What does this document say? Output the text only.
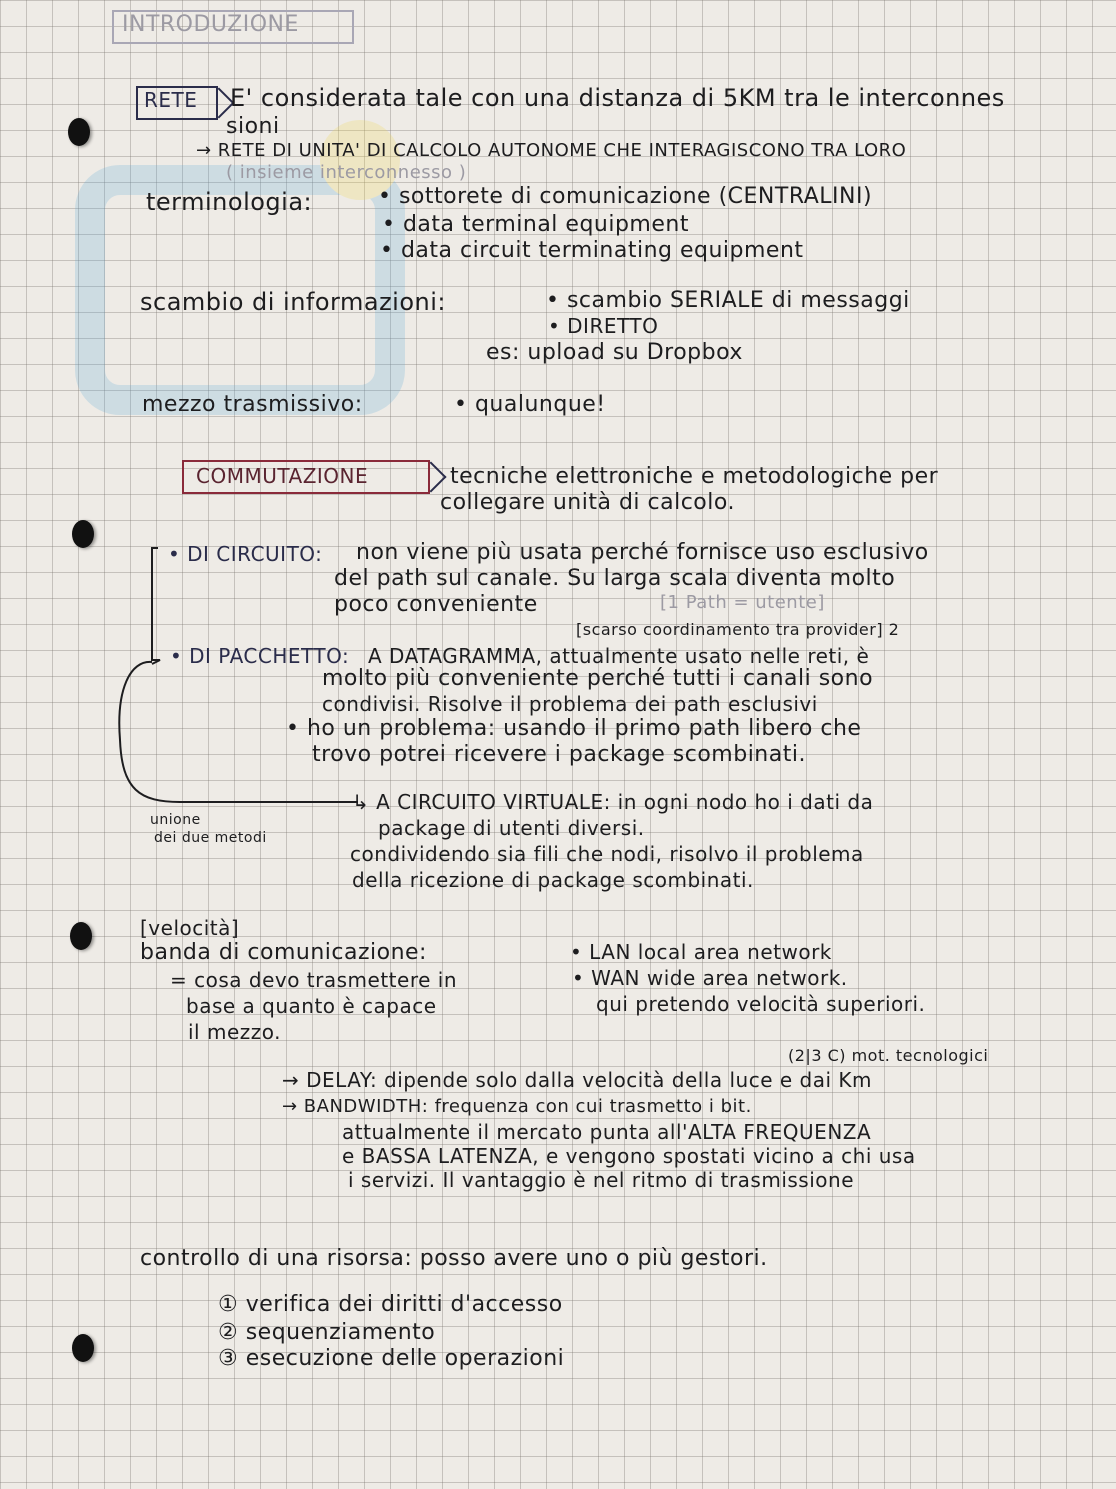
INTRODUZIONE
RETE E' considerata tale con una distanza di 5KM tra le interconnes
sioni
→ RETE DI UNITA' DI CALCOLO AUTONOME CHE INTERAGISCONO TRA LORO
( insieme interconnesso )
terminologia:	• sottorete di comunicazione (CENTRALINI)
• data terminal equipment
• data circuit terminating equipment
scambio di informazioni:	• scambio SERIALE di messaggi
• DIRETTO
es: upload su Dropbox
mezzo trasmissivo:	• qualunque!
COMMUTAZIONE	tecniche elettroniche e metodologiche per
collegare unità di calcolo.
• DI CIRCUITO: non viene più usata perché fornisce uso esclusivo
del path sul canale. Su larga scala diventa molto
poco conveniente	[1 Path = utente]
[scarso coordinamento tra provider] 2
• DI PACCHETTO: A DATAGRAMMA, attualmente usato nelle reti, è
molto più conveniente perché tutti i canali sono
condivisi. Risolve il problema dei path esclusivi
• ho un problema: usando il primo path libero che
trovo potrei ricevere i package scombinati.
↳ A CIRCUITO VIRTUALE: in ogni nodo ho i dati da
package di utenti diversi.
condividendo sia fili che nodi, risolvo il problema
della ricezione di package scombinati.
unione
dei due metodi
[velocità]
banda di comunicazione:
= cosa devo trasmettere in
base a quanto è capace
il mezzo.
• LAN local area network
• WAN wide area network.
qui pretendo velocità superiori.
(2|3 C) mot. tecnologici
→ DELAY: dipende solo dalla velocità della luce e dai Km
→ BANDWIDTH: frequenza con cui trasmetto i bit.
attualmente il mercato punta all'ALTA FREQUENZA
e BASSA LATENZA, e vengono spostati vicino a chi usa
i servizi. Il vantaggio è nel ritmo di trasmissione
controllo di una risorsa: posso avere uno o più gestori.
① verifica dei diritti d'accesso
② sequenziamento
③ esecuzione delle operazioni
